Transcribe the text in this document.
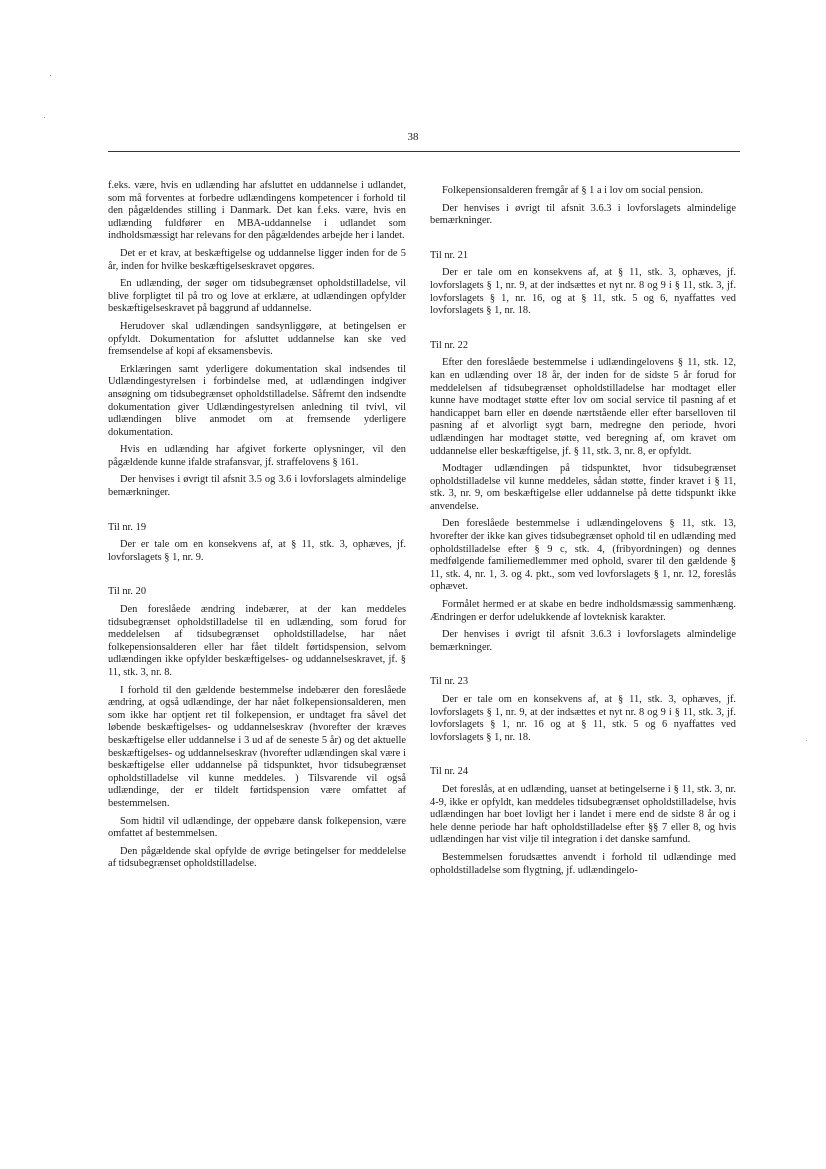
38

f.eks. være, hvis en udlænding har afsluttet en uddannelse i udlandet, som må forventes at forbedre udlændingens kompetencer i forhold til den pågældendes stilling i Danmark. Det kan f.eks. være, hvis en udlænding fuldfører en MBA-uddannelse i udlandet som indholdsmæssigt har relevans for den pågældendes arbejde her i landet.

Det er et krav, at beskæftigelse og uddannelse ligger inden for de 5 år, inden for hvilke beskæftigelseskravet opgøres.

En udlænding, der søger om tidsubegrænset opholdstilladelse, vil blive forpligtet til på tro og love at erklære, at udlændingen opfylder beskæftigelseskravet på baggrund af uddannelse.

Herudover skal udlændingen sandsynliggøre, at betingelsen er opfyldt. Dokumentation for afsluttet uddannelse kan ske ved fremsendelse af kopi af eksamensbevis.

Erklæringen samt yderligere dokumentation skal indsendes til Udlændingestyrelsen i forbindelse med, at udlændingen indgiver ansøgning om tidsubegrænset opholdstilladelse. Såfremt den indsendte dokumentation giver Udlændingestyrelsen anledning til tvivl, vil udlændingen blive anmodet om at fremsende yderligere dokumentation.

Hvis en udlænding har afgivet forkerte oplysninger, vil den pågældende kunne ifalde strafansvar, jf. straffelovens § 161.

Der henvises i øvrigt til afsnit 3.5 og 3.6 i lovforslagets almindelige bemærkninger.

Til nr. 19

Der er tale om en konsekvens af, at § 11, stk. 3, ophæves, jf. lovforslagets § 1, nr. 9.

Til nr. 20

Den foreslåede ændring indebærer, at der kan meddeles tidsubegrænset opholdstilladelse til en udlænding, som forud for meddelelsen af tidsubegrænset opholdstilladelse, har nået folkepensionsalderen eller har fået tildelt førtidspension, selvom udlændingen ikke opfylder beskæftigelses- og uddannelseskravet, jf. § 11, stk. 3, nr. 8.

I forhold til den gældende bestemmelse indebærer den foreslåede ændring, at også udlændinge, der har nået folkepensionsalderen, men som ikke har optjent ret til folkepension, er undtaget fra såvel det løbende beskæftigelses- og uddannelseskrav (hvorefter der kræves beskæftigelse eller uddannelse i 3 ud af de seneste 5 år) og det aktuelle beskæftigelses- og uddannelseskrav (hvorefter udlændingen skal være i beskæftigelse eller uddannelse på tidspunktet, hvor tidsubegrænset opholdstilladelse vil kunne meddeles. ) Tilsvarende vil også udlændinge, der er tildelt førtidspension være omfattet af bestemmelsen.

Som hidtil vil udlændinge, der oppebære dansk folkepension, være omfattet af bestemmelsen.

Den pågældende skal opfylde de øvrige betingelser for meddelelse af tidsubegrænset opholdstilladelse.

Folkepensionsalderen fremgår af § 1 a i lov om social pension.

Der henvises i øvrigt til afsnit 3.6.3 i lovforslagets almindelige bemærkninger.

Til nr. 21

Der er tale om en konsekvens af, at § 11, stk. 3, ophæves, jf. lovforslagets § 1, nr. 9, at der indsættes et nyt nr. 8 og 9 i § 11, stk. 3, jf. lovforslagets § 1, nr. 16, og at § 11, stk. 5 og 6, nyaffattes ved lovforslagets § 1, nr. 18.

Til nr. 22

Efter den foreslåede bestemmelse i udlændingelovens § 11, stk. 12, kan en udlænding over 18 år, der inden for de sidste 5 år forud for meddelelsen af tidsubegrænset opholdstilladelse har modtaget eller kunne have modtaget støtte efter lov om social service til pasning af et handicappet barn eller en døende nærtstående eller efter barselloven til pasning af et alvorligt sygt barn, medregne den periode, hvori udlændingen har modtaget støtte, ved beregning af, om kravet om uddannelse eller beskæftigelse, jf. § 11, stk. 3, nr. 8, er opfyldt.

Modtager udlændingen på tidspunktet, hvor tidsubegrænset opholdstilladelse vil kunne meddeles, sådan støtte, finder kravet i § 11, stk. 3, nr. 9, om beskæftigelse eller uddannelse på dette tidspunkt ikke anvendelse.

Den foreslåede bestemmelse i udlændingelovens § 11, stk. 13, hvorefter der ikke kan gives tidsubegrænset ophold til en udlænding med opholdstilladelse efter § 9 c, stk. 4, (fribyordningen) og dennes medfølgende familiemedlemmer med ophold, svarer til den gældende § 11, stk. 4, nr. 1, 3. og 4. pkt., som ved lovforslagets § 1, nr. 12, foreslås ophævet.

Formålet hermed er at skabe en bedre indholdsmæssig sammenhæng. Ændringen er derfor udelukkende af lovteknisk karakter.

Der henvises i øvrigt til afsnit 3.6.3 i lovforslagets almindelige bemærkninger.

Til nr. 23

Der er tale om en konsekvens af, at § 11, stk. 3, ophæves, jf. lovforslagets § 1, nr. 9, at der indsættes et nyt nr. 8 og 9 i § 11, stk. 3, jf. lovforslagets § 1, nr. 16 og at § 11, stk. 5 og 6 nyaffattes ved lovforslagets § 1, nr. 18.

Til nr. 24

Det foreslås, at en udlænding, uanset at betingelserne i § 11, stk. 3, nr. 4-9, ikke er opfyldt, kan meddeles tidsubegrænset opholdstilladelse, hvis udlændingen har boet lovligt her i landet i mere end de sidste 8 år og i hele denne periode har haft opholdstilladelse efter §§ 7 eller 8, og hvis udlændingen har vist vilje til integration i det danske samfund.

Bestemmelsen forudsættes anvendt i forhold til udlændinge med opholdstilladelse som flygtning, jf. udlændingelo-
